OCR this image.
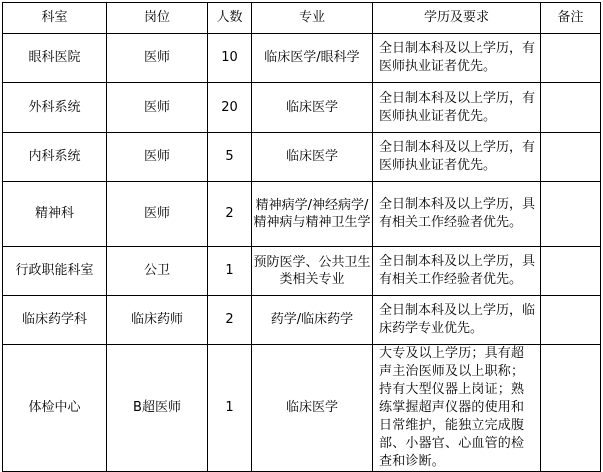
科室	岗位	人数	专业	学历及要求	备注
眼科医院	医师	10	临床医学/眼科学	全日制本科及以上学历，有医师执业证者优先。	
外科系统	医师	20	临床医学	全日制本科及以上学历，有医师执业证者优先。	
内科系统	医师	5	临床医学	全日制本科及以上学历，有医师执业证者优先。	
精神科	医师	2	精神病学/神经病学/精神病与精神卫生学	全日制本科及以上学历，具有相关工作经验者优先。	
行政职能科室	公卫	1	预防医学、公共卫生类相关专业	全日制本科及以上学历，具有相关工作经验者优先。	
临床药学科	临床药师	2	药学/临床药学	全日制本科及以上学历，临床药学专业优先。	
体检中心	B超医师	1	临床医学	大专及以上学历；具有超声主治医师及以上职称；持有大型仪器上岗证；熟练掌握超声仪器的使用和日常维护，能独立完成腹部、小器官、心血管的检查和诊断。	
